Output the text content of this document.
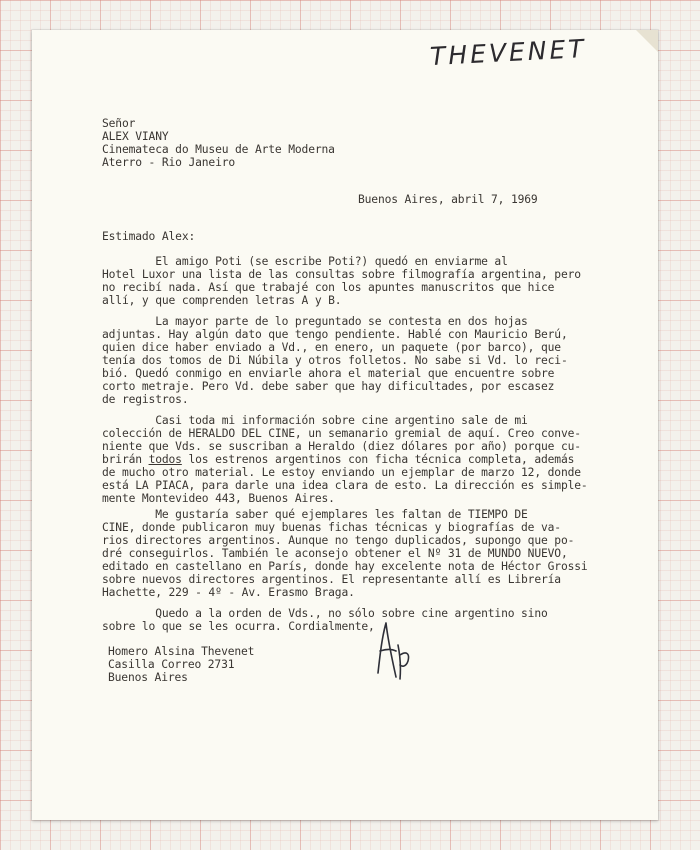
THEVENET
Señor
ALEX VIANY
Cinemateca do Museu de Arte Moderna
Aterro - Rio Janeiro
Buenos Aires, abril 7, 1969
Estimado Alex:
El amigo Poti (se escribe Poti?) quedó en enviarme al
Hotel Luxor una lista de las consultas sobre filmografía argentina, pero
no recibí nada. Así que trabajé con los apuntes manuscritos que hice
allí, y que comprenden letras A y B.
La mayor parte de lo preguntado se contesta en dos hojas
adjuntas. Hay algún dato que tengo pendiente. Hablé con Mauricio Berú,
quien dice haber enviado a Vd., en enero, un paquete (por barco), que
tenía dos tomos de Di Núbila y otros folletos. No sabe si Vd. lo reci-
bió. Quedó conmigo en enviarle ahora el material que encuentre sobre
corto metraje. Pero Vd. debe saber que hay dificultades, por escasez
de registros.
Casi toda mi información sobre cine argentino sale de mi
colección de HERALDO DEL CINE, un semanario gremial de aquí. Creo conve-
niente que Vds. se suscriban a Heraldo (diez dólares por año) porque cu-
brirán todos los estrenos argentinos con ficha técnica completa, además
de mucho otro material. Le estoy enviando un ejemplar de marzo 12, donde
está LA PIACA, para darle una idea clara de esto. La dirección es simple-
mente Montevideo 443, Buenos Aires.
Me gustaría saber qué ejemplares les faltan de TIEMPO DE
CINE, donde publicaron muy buenas fichas técnicas y biografías de va-
rios directores argentinos. Aunque no tengo duplicados, supongo que po-
dré conseguirlos. También le aconsejo obtener el Nº 31 de MUNDO NUEVO,
editado en castellano en París, donde hay excelente nota de Héctor Grossi
sobre nuevos directores argentinos. El representante allí es Librería
Hachette, 229 - 4º - Av. Erasmo Braga.
Quedo a la orden de Vds., no sólo sobre cine argentino sino
sobre lo que se les ocurra. Cordialmente,
Homero Alsina Thevenet
Casilla Correo 2731
Buenos Aires
